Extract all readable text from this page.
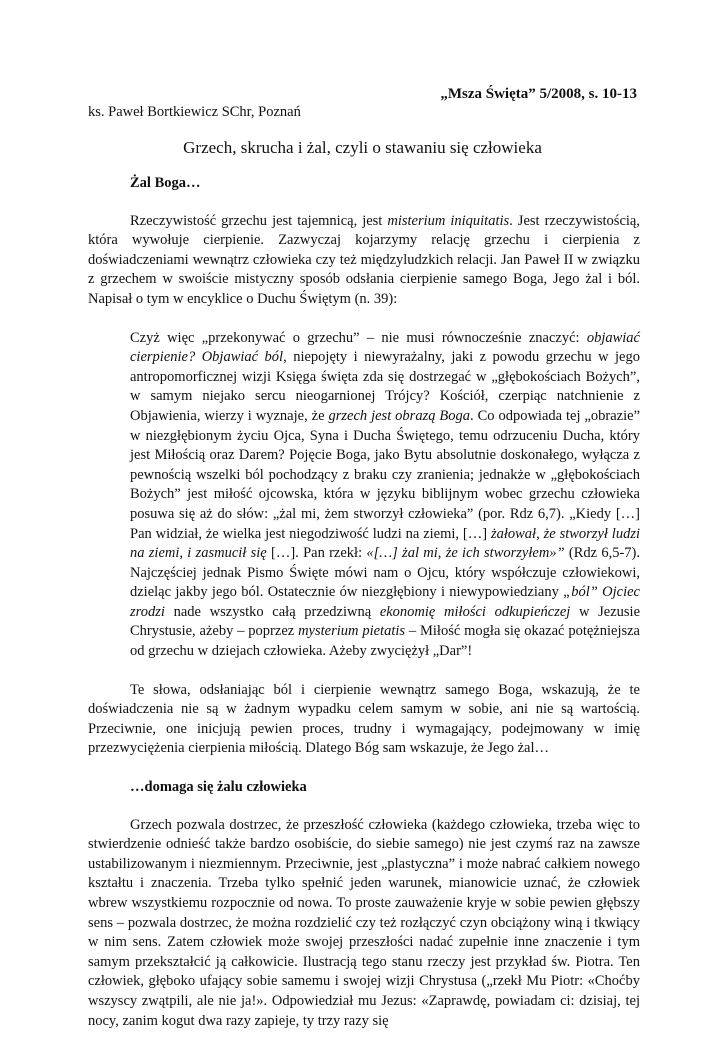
„Msza Święta” 5/2008, s. 10-13
ks. Paweł Bortkiewicz SChr, Poznań
Grzech, skrucha i żal, czyli o stawaniu się człowieka

Żal Boga…

Rzeczywistość grzechu jest tajemnicą, jest misterium iniquitatis. Jest rzeczywistością, która wywołuje cierpienie. Zazwyczaj kojarzymy relację grzechu i cierpienia z doświadczeniami wewnątrz człowieka czy też międzyludzkich relacji. Jan Paweł II w związku z grzechem w swoiście mistyczny sposób odsłania cierpienie samego Boga, Jego żal i ból. Napisał o tym w encyklice o Duchu Świętym (n. 39):

Czyż więc „przekonywać o grzechu” – nie musi równocześnie znaczyć: objawiać cierpienie? Objawiać ból, niepojęty i niewyrażalny, jaki z powodu grzechu w jego antropomorficznej wizji Księga święta zda się dostrzegać w „głębokościach Bożych”, w samym niejako sercu nieogarnionej Trójcy? Kościół, czerpiąc natchnienie z Objawienia, wierzy i wyznaje, że grzech jest obrazą Boga. Co odpowiada tej „obrazie” w niezgłębionym życiu Ojca, Syna i Ducha Świętego, temu odrzuceniu Ducha, który jest Miłością oraz Darem? Pojęcie Boga, jako Bytu absolutnie doskonałego, wyłącza z pewnością wszelki ból pochodzący z braku czy zranienia; jednakże w „głębokościach Bożych” jest miłość ojcowska, która w języku biblijnym wobec grzechu człowieka posuwa się aż do słów: „żal mi, żem stworzył człowieka” (por. Rdz 6,7). „Kiedy […] Pan widział, że wielka jest niegodziwość ludzi na ziemi, […] żałował, że stworzył ludzi na ziemi, i zasmucił się […]. Pan rzekł: «[…] żal mi, że ich stworzyłem»” (Rdz 6,5-7). Najczęściej jednak Pismo Święte mówi nam o Ojcu, który współczuje człowiekowi, dzieląc jakby jego ból. Ostatecznie ów niezgłębiony i niewypowiedziany „ból” Ojciec zrodzi nade wszystko całą przedziwną ekonomię miłości odkupieńczej w Jezusie Chrystusie, ażeby – poprzez mysterium pietatis – Miłość mogła się okazać potężniejsza od grzechu w dziejach człowieka. Ażeby zwyciężył „Dar”!

Te słowa, odsłaniając ból i cierpienie wewnątrz samego Boga, wskazują, że te doświadczenia nie są w żadnym wypadku celem samym w sobie, ani nie są wartością. Przeciwnie, one inicjują pewien proces, trudny i wymagający, podejmowany w imię przezwyciężenia cierpienia miłością. Dlatego Bóg sam wskazuje, że Jego żal…

…domaga się żalu człowieka

Grzech pozwala dostrzec, że przeszłość człowieka (każdego człowieka, trzeba więc to stwierdzenie odnieść także bardzo osobiście, do siebie samego) nie jest czymś raz na zawsze ustabilizowanym i niezmiennym. Przeciwnie, jest „plastyczna” i może nabrać całkiem nowego kształtu i znaczenia. Trzeba tylko spełnić jeden warunek, mianowicie uznać, że człowiek wbrew wszystkiemu rozpocznie od nowa. To proste zauważenie kryje w sobie pewien głębszy sens – pozwala dostrzec, że można rozdzielić czy też rozłączyć czyn obciążony winą i tkwiący w nim sens. Zatem człowiek może swojej przeszłości nadać zupełnie inne znaczenie i tym samym przekształcić ją całkowicie. Ilustracją tego stanu rzeczy jest przykład św. Piotra. Ten człowiek, głęboko ufający sobie samemu i swojej wizji Chrystusa („rzekł Mu Piotr: «Choćby wszyscy zwątpili, ale nie ja!». Odpowiedział mu Jezus: «Zaprawdę, powiadam ci: dzisiaj, tej nocy, zanim kogut dwa razy zapieje, ty trzy razy się
